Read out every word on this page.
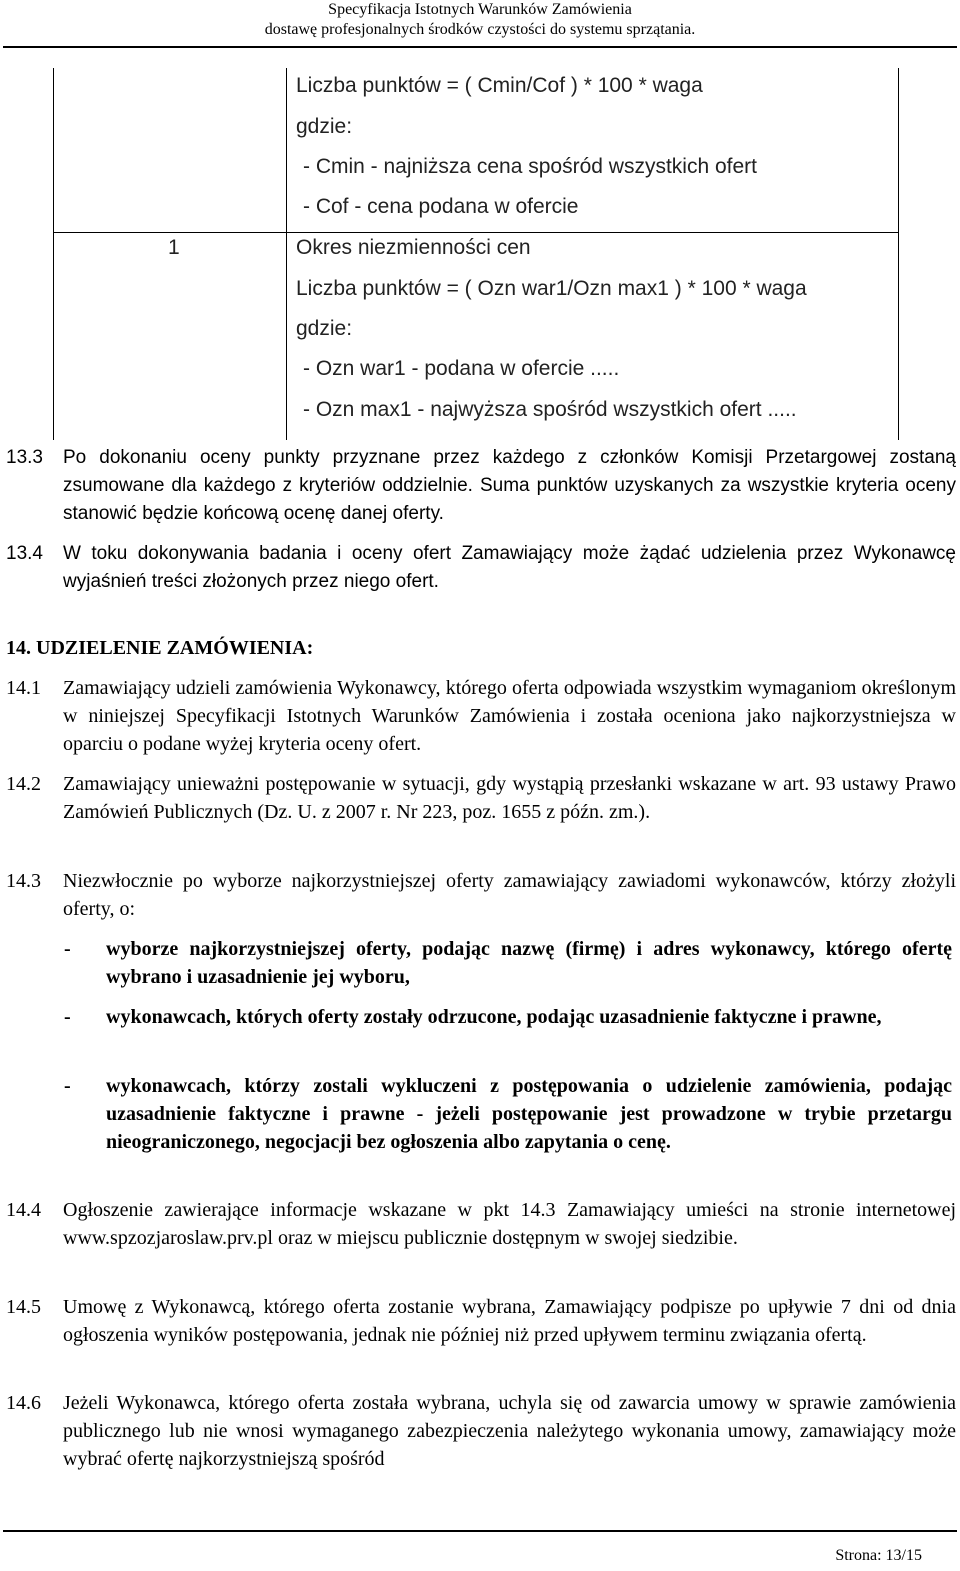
Specyfikacja Istotnych Warunków Zamówienia
dostawę profesjonalnych środków czystości do systemu sprzątania.
Liczba punktów = ( Cmin/Cof ) * 100 * waga
gdzie:
- Cmin - najniższa cena spośród wszystkich ofert
- Cof - cena podana w ofercie
1	Okres niezmienności cen
Liczba punktów = ( Ozn war1/Ozn max1 ) * 100 * waga
gdzie:
- Ozn war1 - podana w ofercie .....
- Ozn max1 - najwyższa spośród wszystkich ofert .....
13.3 Po dokonaniu oceny punkty przyznane przez każdego z członków Komisji Przetargowej zostaną zsumowane dla każdego z kryteriów oddzielnie. Suma punktów uzyskanych za wszystkie kryteria oceny stanowić będzie końcową ocenę danej oferty.
13.4 W toku dokonywania badania i oceny ofert Zamawiający może żądać udzielenia przez Wykonawcę wyjaśnień treści złożonych przez niego ofert.
14. UDZIELENIE ZAMÓWIENIA:
14.1 Zamawiający udzieli zamówienia Wykonawcy, którego oferta odpowiada wszystkim wymaganiom określonym w niniejszej Specyfikacji Istotnych Warunków Zamówienia i została oceniona jako najkorzystniejsza w oparciu o podane wyżej kryteria oceny ofert.
14.2 Zamawiający unieważni postępowanie w sytuacji, gdy wystąpią przesłanki wskazane w art. 93 ustawy Prawo Zamówień Publicznych (Dz. U. z 2007 r. Nr 223, poz. 1655 z późn. zm.).
14.3 Niezwłocznie po wyborze najkorzystniejszej oferty zamawiający zawiadomi wykonawców, którzy złożyli oferty, o:
- wyborze najkorzystniejszej oferty, podając nazwę (firmę) i adres wykonawcy, którego ofertę wybrano i uzasadnienie jej wyboru,
- wykonawcach, których oferty zostały odrzucone, podając uzasadnienie faktyczne i prawne,
- wykonawcach, którzy zostali wykluczeni z postępowania o udzielenie zamówienia, podając uzasadnienie faktyczne i prawne - jeżeli postępowanie jest prowadzone w trybie przetargu nieograniczonego, negocjacji bez ogłoszenia albo zapytania o cenę.
14.4 Ogłoszenie zawierające informacje wskazane w pkt 14.3 Zamawiający umieści na stronie internetowej www.spzozjaroslaw.prv.pl oraz w miejscu publicznie dostępnym w swojej siedzibie.
14.5 Umowę z Wykonawcą, którego oferta zostanie wybrana, Zamawiający podpisze po upływie 7 dni od dnia ogłoszenia wyników postępowania, jednak nie później niż przed upływem terminu związania ofertą.
14.6 Jeżeli Wykonawca, którego oferta została wybrana, uchyla się od zawarcia umowy w sprawie zamówienia publicznego lub nie wnosi wymaganego zabezpieczenia należytego wykonania umowy, zamawiający może wybrać ofertę najkorzystniejszą spośród
Strona: 13/15
